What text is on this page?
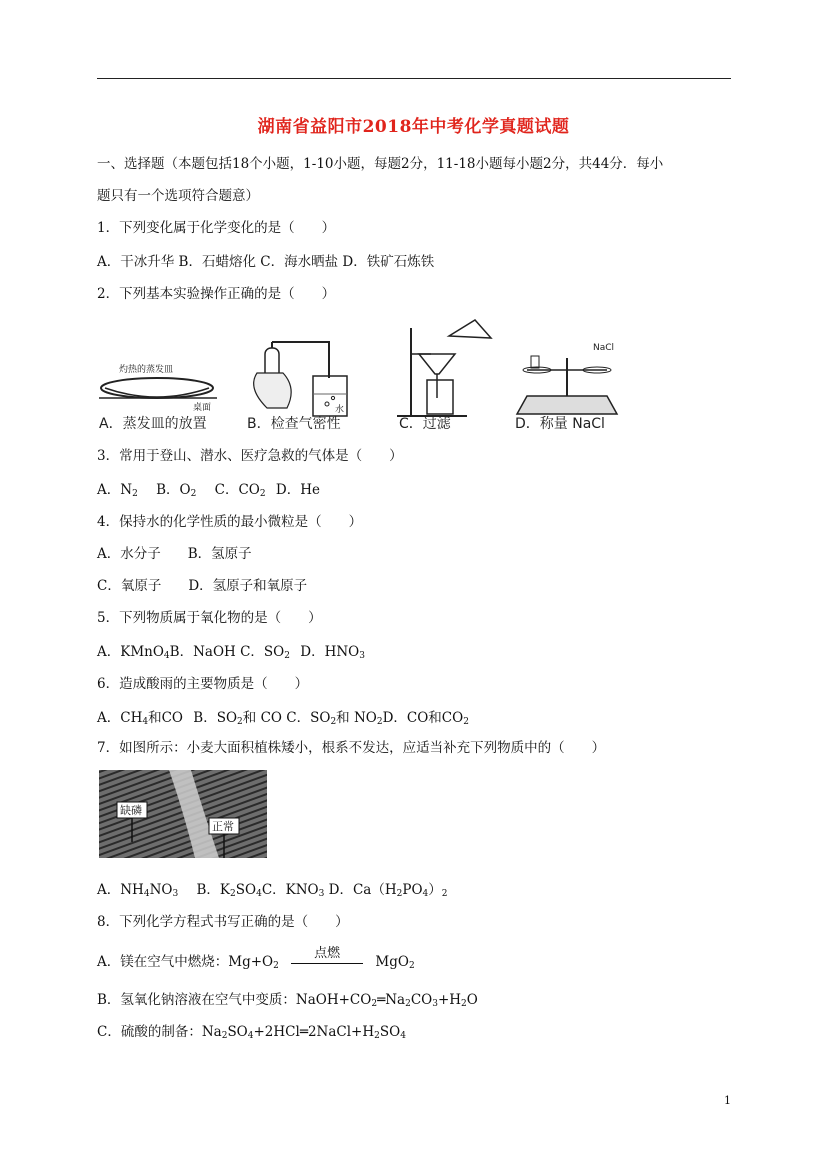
湖南省益阳市2018年中考化学真题试题
一、选择题（本题包括18个小题，1-10小题，每题2分，11-18小题每小题2分，共44分．每小
题只有一个选项符合题意）
1．下列变化属于化学变化的是（　　）
A．干冰升华 B．石蜡熔化 C．海水晒盐 D．铁矿石炼铁
2．下列基本实验操作正确的是（　　）
灼热的蒸发皿
桌面
A．蒸发皿的放置
水
B．检查气密性	C．过滤
NaCl
D．称量 NaCl
3．常用于登山、潜水、医疗急救的气体是（　　）
A．$N_2$ B．$O_2$ C．$CO_2$ D．He
4．保持水的化学性质的最小微粒是（　　）
A．水分子　　B．氢原子
C．氧原子　　D．氢原子和氧原子
5．下列物质属于氧化物的是（　　）
A．KMnO$_4$B．NaOH C．$SO_2$ D．$HNO_3$
6．造成酸雨的主要物质是（　　）
A．$CH_4$和CO B．$SO_2$和 CO C．$SO_2$和 $NO_2D$．CO和$CO_2$
7．如图所示：小麦大面积植株矮小，根系不发达，应适当补充下列物质中的（　　）
缺磷
正常
A．$NH_4NO_3$ B．$K_2SO_4C$．$KNO_3$ D．$Ca(H_2PO_4)_2$
8．下列化学方程式书写正确的是（　　）
A．镁在空气中燃烧：$Mg+O_2$
点燃
MgO$_2$
B．氢氧化钠溶液在空气中变质：$NaOH+CO_2═Na_2CO_3+H_2O$
C．硫酸的制备：$Na_2SO_4+2HCl═2NaCl+H_2SO_4$
1
